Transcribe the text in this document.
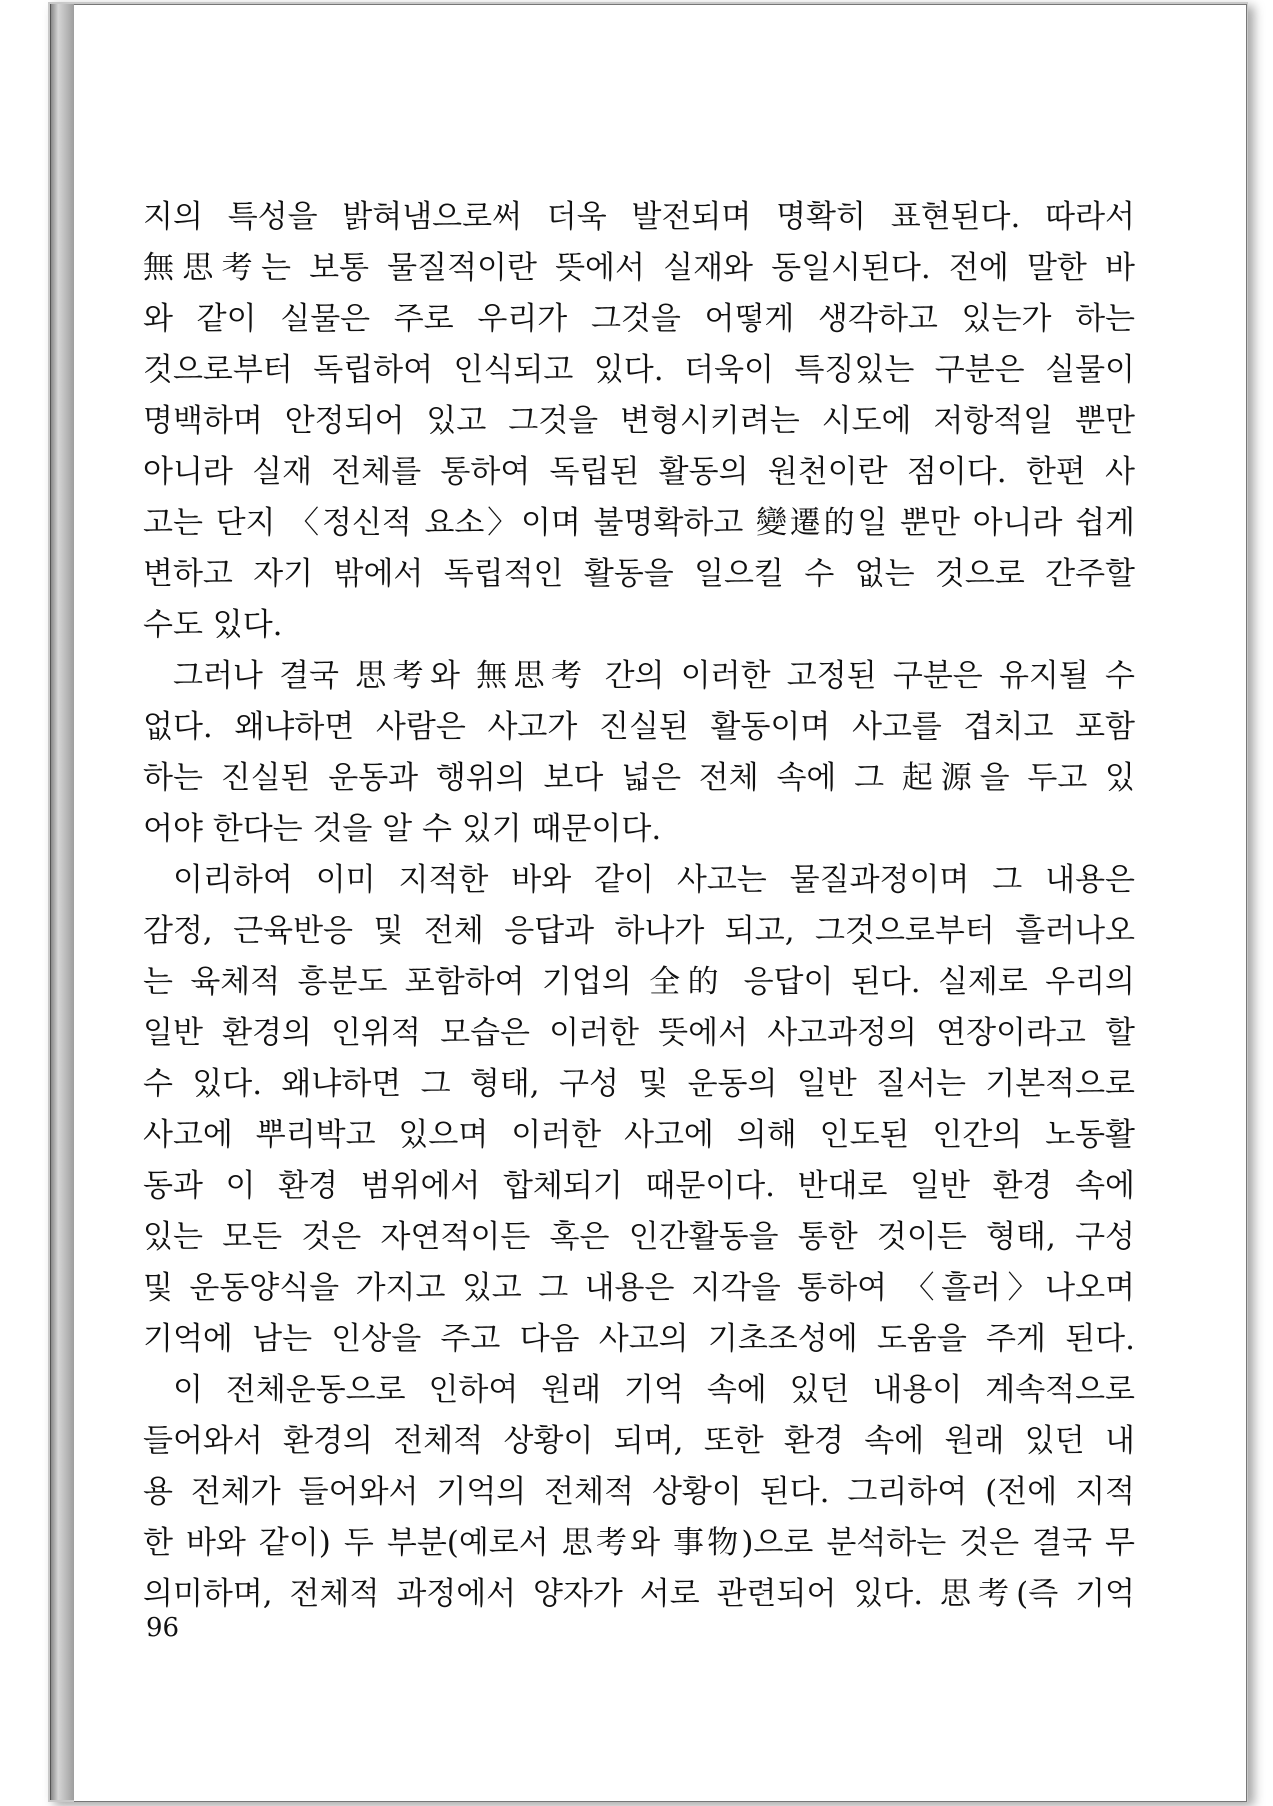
지의 특성을 밝혀냄으로써 더욱 발전되며 명확히 표현된다. 따라서
無思考는 보통 물질적이란 뜻에서 실재와 동일시된다. 전에 말한 바
와 같이 실물은 주로 우리가 그것을 어떻게 생각하고 있는가 하는
것으로부터 독립하여 인식되고 있다. 더욱이 특징있는 구분은 실물이
명백하며 안정되어 있고 그것을 변형시키려는 시도에 저항적일 뿐만
아니라 실재 전체를 통하여 독립된 활동의 원천이란 점이다. 한편 사
고는 단지 〈정신적 요소〉이며 불명확하고 變遷的일 뿐만 아니라 쉽게
변하고 자기 밖에서 독립적인 활동을 일으킬 수 없는 것으로 간주할
수도 있다.
그러나 결국 思考와 無思考 간의 이러한 고정된 구분은 유지될 수
없다. 왜냐하면 사람은 사고가 진실된 활동이며 사고를 겹치고 포함
하는 진실된 운동과 행위의 보다 넓은 전체 속에 그 起源을 두고 있
어야 한다는 것을 알 수 있기 때문이다.
이리하여 이미 지적한 바와 같이 사고는 물질과정이며 그 내용은
감정, 근육반응 및 전체 응답과 하나가 되고, 그것으로부터 흘러나오
는 육체적 흥분도 포함하여 기업의 全的 응답이 된다. 실제로 우리의
일반 환경의 인위적 모습은 이러한 뜻에서 사고과정의 연장이라고 할
수 있다. 왜냐하면 그 형태, 구성 및 운동의 일반 질서는 기본적으로
사고에 뿌리박고 있으며 이러한 사고에 의해 인도된 인간의 노동활
동과 이 환경 범위에서 합체되기 때문이다. 반대로 일반 환경 속에
있는 모든 것은 자연적이든 혹은 인간활동을 통한 것이든 형태, 구성
및 운동양식을 가지고 있고 그 내용은 지각을 통하여 〈흘러〉나오며
기억에 남는 인상을 주고 다음 사고의 기초조성에 도움을 주게 된다.
이 전체운동으로 인하여 원래 기억 속에 있던 내용이 계속적으로
들어와서 환경의 전체적 상황이 되며, 또한 환경 속에 원래 있던 내
용 전체가 들어와서 기억의 전체적 상황이 된다. 그리하여 (전에 지적
한 바와 같이) 두 부분(예로서 思考와 事物)으로 분석하는 것은 결국 무
의미하며, 전체적 과정에서 양자가 서로 관련되어 있다. 思考(즉 기억
96
